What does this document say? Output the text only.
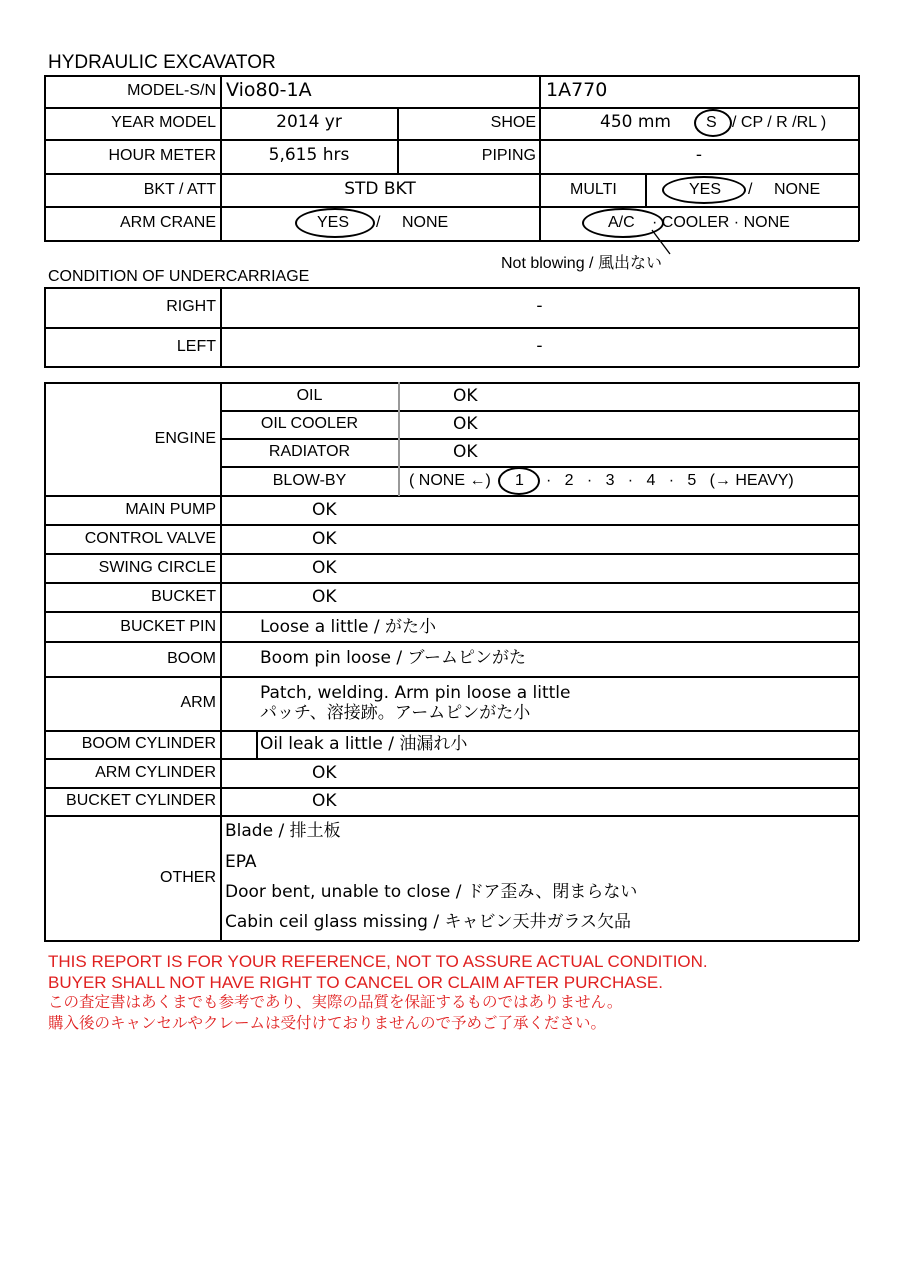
HYDRAULIC EXCAVATOR
MODEL-S/N Vio80-1A	1A770
YEAR MODEL	2014 yr	SHOE	450 mm S / CP / R /RL )
HOUR METER	5,615 hrs	PIPING	-
BKT / ATT	STD BKT	MULTI	YES / NONE
ARM CRANE	YES / NONE	A/C · COOLER · NONE
Not blowing / 風出ない
CONDITION OF UNDERCARRIAGE
RIGHT	-
LEFT	-
ENGINE
OIL	OK
OIL COOLER	OK
RADIATOR	OK
BLOW-BY	( NONE ←) 1 ·   2   ·   3   ·   4   ·   5   (→ HEAVY)
MAIN PUMP	OK
CONTROL VALVE	OK
SWING CIRCLE	OK
BUCKET	OK
BUCKET PIN	Loose a little / がた小
BOOM	Boom pin loose / ブームピンがた
ARM	Patch, welding. Arm pin loose a little
パッチ、溶接跡。アームピンがた小
BOOM CYLINDER	Oil leak a little / 油漏れ小
ARM CYLINDER	OK
BUCKET CYLINDER	OK
OTHER
Blade / 排土板
EPA
Door bent, unable to close / ドア歪み、閉まらない
Cabin ceil glass missing / キャビン天井ガラス欠品
THIS REPORT IS FOR YOUR REFERENCE, NOT TO ASSURE ACTUAL CONDITION.
BUYER SHALL NOT HAVE RIGHT TO CANCEL OR CLAIM AFTER PURCHASE.
この査定書はあくまでも参考であり、実際の品質を保証するものではありません。
購入後のキャンセルやクレームは受付けておりませんので予めご了承ください。
